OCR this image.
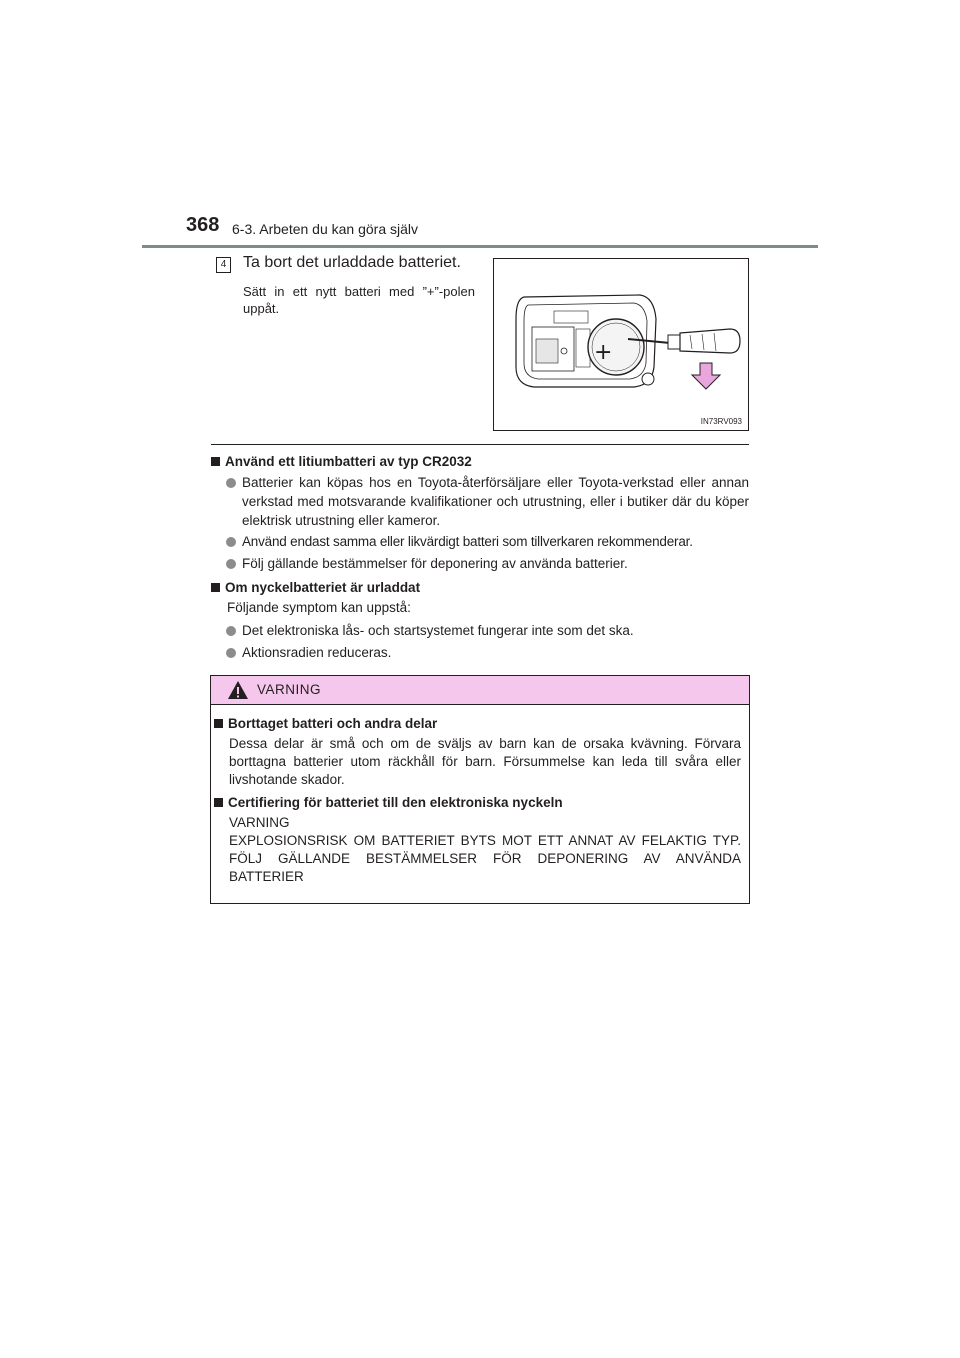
368 6-3. Arbeten du kan göra själv
4 Ta bort det urladdade batteriet.
Sätt in ett nytt batteri med ”+”-polen uppåt.
+
IN73RV093
Använd ett litiumbatteri av typ CR2032
Batterier kan köpas hos en Toyota-återförsäljare eller Toyota-verkstad eller annan verkstad med motsvarande kvalifikationer och utrustning, eller i butiker där du köper elektrisk utrustning eller kameror.
Använd endast samma eller likvärdigt batteri som tillverkaren rekommenderar.
Följ gällande bestämmelser för deponering av använda batterier.
Om nyckelbatteriet är urladdat
Följande symptom kan uppstå:
Det elektroniska lås- och startsystemet fungerar inte som det ska.
Aktionsradien reduceras.
VARNING
Borttaget batteri och andra delar
Dessa delar är små och om de sväljs av barn kan de orsaka kvävning. Förvara borttagna batterier utom räckhåll för barn. Försummelse kan leda till svåra eller livshotande skador.
Certifiering för batteriet till den elektroniska nyckeln
VARNING
EXPLOSIONSRISK OM BATTERIET BYTS MOT ETT ANNAT AV FELAKTIG TYP. FÖLJ GÄLLANDE BESTÄMMELSER FÖR DEPONERING AV ANVÄNDA BATTERIER
